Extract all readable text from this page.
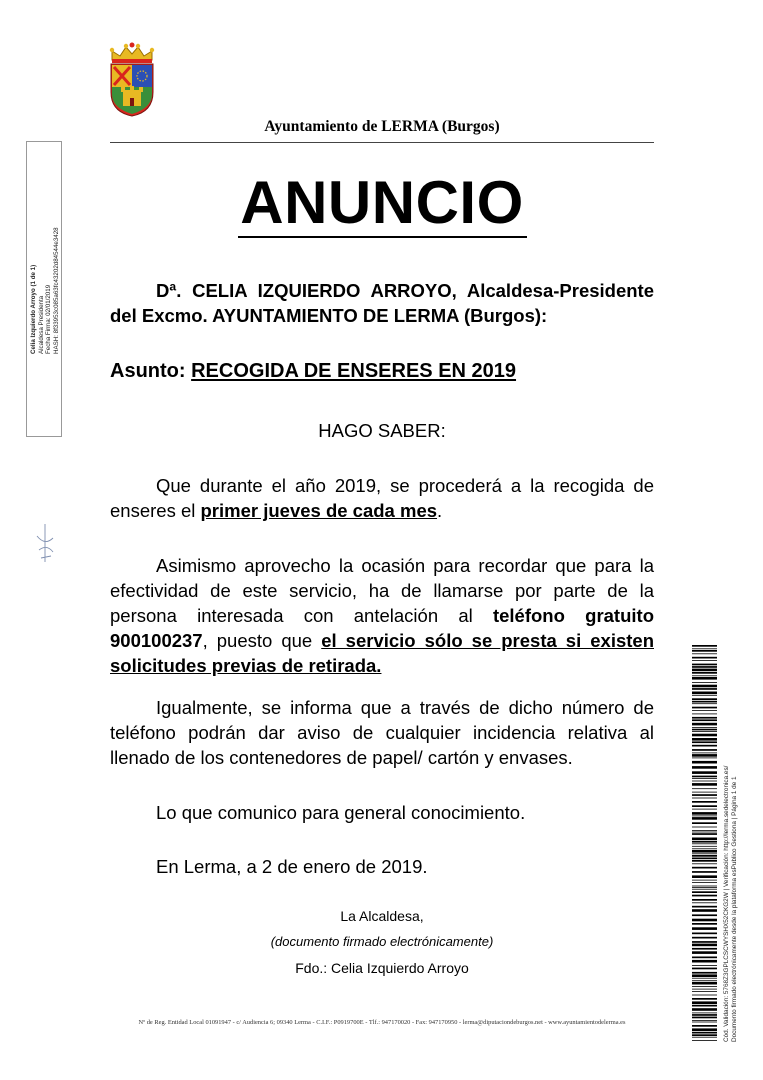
Ayuntamiento de LERMA (Burgos)
ANUNCIO
Dª. CELIA IZQUIERDO ARROYO, Alcaldesa-Presidente del Excmo. AYUNTAMIENTO DE LERMA (Burgos):
Asunto: RECOGIDA DE ENSERES EN 2019
HAGO SABER:
Que durante el año 2019, se procederá a la recogida de enseres el primer jueves de cada mes.
Asimismo aprovecho la ocasión para recordar que para la efectividad de este servicio, ha de llamarse por parte de la persona interesada con antelación al teléfono gratuito 900100237, puesto que el servicio sólo se presta si existen solicitudes previas de retirada.
Igualmente, se informa que a través de dicho número de teléfono podrán dar aviso de cualquier incidencia relativa al llenado de los contenedores de papel/ cartón y envases.
Lo que comunico para general conocimiento.
En Lerma, a 2 de enero de 2019.
La Alcaldesa,
(documento firmado electrónicamente)
Fdo.: Celia Izquierdo Arroyo
Nº de Reg. Entidad Local 01091947 - c/ Audiencia 6; 09340 Lerma - C.I.F.: P0919700E - Tlf.: 947170020 - Fax: 947170950 - lerma@diputaciondeburgos.net - www.ayuntamientodelerma.es
Celia Izquierdo Arroyo (1 de 1) Alcaldesa Presidenta Fecha Firma: 02/01/2019 HASH: 8f33953c085a63fc43202d84544e3428
Cód. Validación: 5768Z3GPLCSCWYSHX52CKG2W | Verificación: http://lerma.sedelectronica.es/ Documento firmado electrónicamente desde la plataforma esPublico Gestiona | Página 1 de 1
